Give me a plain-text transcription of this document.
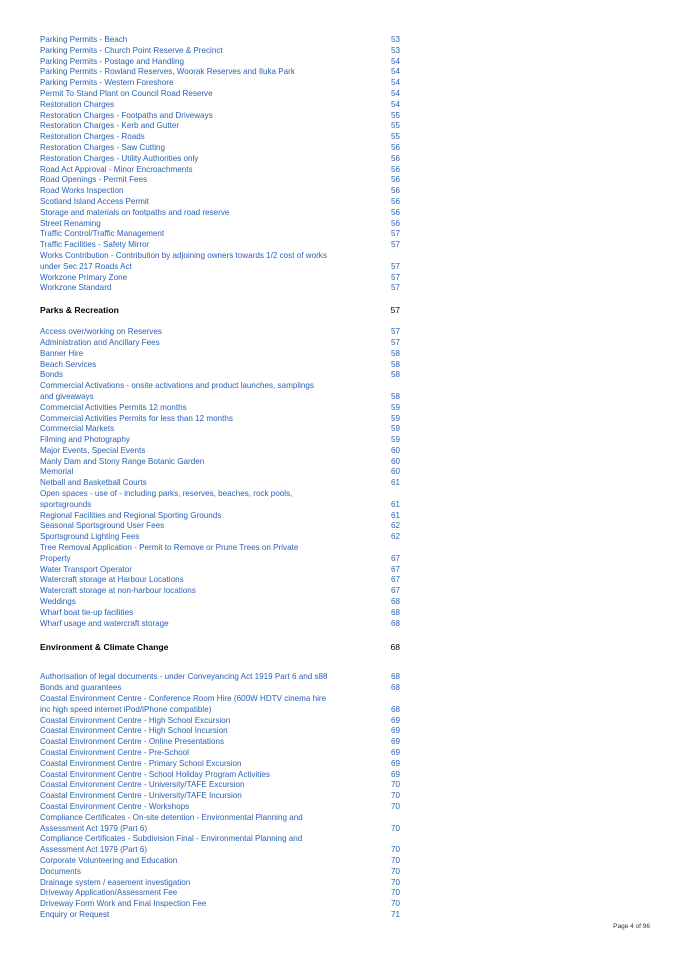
Parking Permits - Beach	53
Parking Permits - Church Point Reserve & Precinct	53
Parking Permits - Postage and Handling	54
Parking Permits - Rowland Reserves, Woorak Reserves and Iluka Park	54
Parking Permits - Western Foreshore	54
Permit To Stand Plant on Council Road Reserve	54
Restoration Charges	54
Restoration Charges - Footpaths and Driveways	55
Restoration Charges - Kerb and Gutter	55
Restoration Charges - Roads	55
Restoration Charges - Saw Cutting	56
Restoration Charges - Utility Authorities only	56
Road Act Approval - Minor Encroachments	56
Road Openings - Permit Fees	56
Road Works Inspection	56
Scotland Island Access Permit	56
Storage and materials on footpaths and road reserve	56
Street Renaming	56
Traffic Control/Traffic Management	57
Traffic Facilities - Safety Mirror	57
Works Contribution - Contribution by adjoining owners towards 1/2 cost of works
under Sec 217 Roads Act	57
Workzone Primary Zone	57
Workzone Standard	57
Parks & Recreation	57
Access over/working on Reserves	57
Administration and Ancillary Fees	57
Banner Hire	58
Beach Services	58
Bonds	58
Commercial Activations - onsite activations and product launches, samplings
and giveaways	58
Commercial Activities Permits 12 months	59
Commercial Activities Permits for less than 12 months	59
Commercial Markets	59
Filming and Photography	59
Major Events, Special Events	60
Manly Dam and Stony Range Botanic Garden	60
Memorial	60
Netball and Basketball Courts	61
Open spaces - use of - including parks, reserves, beaches, rock pools,
sportsgrounds	61
Regional Facilities and Regional Sporting Grounds	61
Seasonal Sportsground User Fees	62
Sportsground Lighting Fees	62
Tree Removal Application - Permit to Remove or Prune Trees on Private
Property	67
Water Transport Operator	67
Watercraft storage at Harbour Locations	67
Watercraft storage at non-harbour locations	67
Weddings	68
Wharf boat tie-up facilities	68
Wharf usage and watercraft storage	68
Environment & Climate Change	68
Authorisation of legal documents - under Conveyancing Act 1919 Part 6 and s88	68
Bonds and guarantees	68
Coastal Environment Centre - Conference Room Hire (600W HDTV cinema hire
inc high speed internet iPod/iPhone compatible)	68
Coastal Environment Centre - High School Excursion	69
Coastal Environment Centre - High School Incursion	69
Coastal Environment Centre - Online Presentations	69
Coastal Environment Centre - Pre-School	69
Coastal Environment Centre - Primary School Excursion	69
Coastal Environment Centre - School Holiday Program Activities	69
Coastal Environment Centre - University/TAFE Excursion	70
Coastal Environment Centre - University/TAFE Incursion	70
Coastal Environment Centre - Workshops	70
Compliance Certificates - On-site detention - Environmental Planning and
Assessment Act 1979 (Part 6)	70
Compliance Certificates - Subdivision Final - Environmental Planning and
Assessment Act 1979 (Part 6)	70
Corporate Volunteering and Education	70
Documents	70
Drainage system / easement investigation	70
Driveway Application/Assessment Fee	70
Driveway Form Work and Final Inspection Fee	70
Enquiry or Request	71
Page 4 of 96
